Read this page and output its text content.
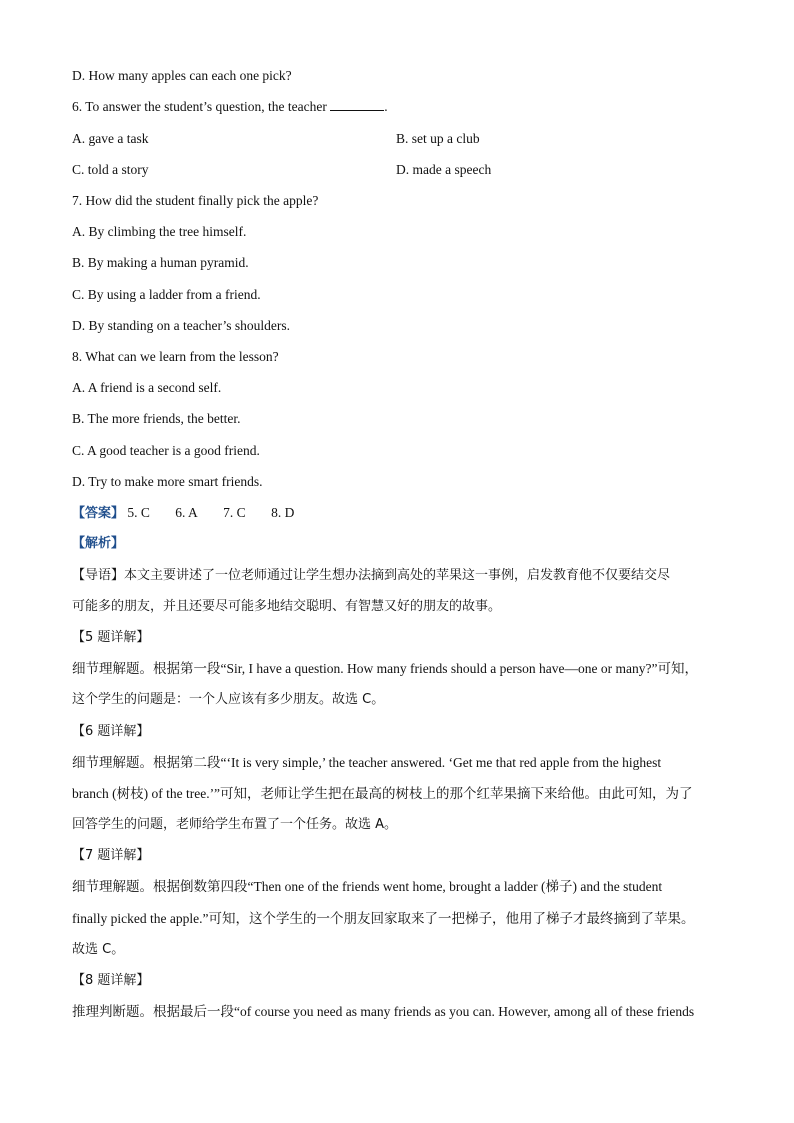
D. How many apples can each one pick?
6. To answer the student’s question, the teacher	.
A. gave a task	B. set up a club
C. told a story	D. made a speech
7. How did the student finally pick the apple?
A. By climbing the tree himself.
B. By making a human pyramid.
C. By using a ladder from a friend.
D. By standing on a teacher’s shoulders.
8. What can we learn from the lesson?
A. A friend is a second self.
B. The more friends, the better.
C. A good teacher is a good friend.
D. Try to make more smart friends.
【答案】 5. C 6. A 7. C 8. D
【解析】
【导语】本文主要讲述了一位老师通过让学生想办法摘到高处的苹果这一事例，启发教育他不仅要结交尽
可能多的朋友，并且还要尽可能多地结交聪明、有智慧又好的朋友的故事。
【5 题详解】
细节理解题。根据第一段“Sir, I have a question. How many friends should a person have—one or many?”可知，
这个学生的问题是：一个人应该有多少朋友。故选 C。
【6 题详解】
细节理解题。根据第二段“‘It is very simple,’ the teacher answered. ‘Get me that red apple from the highest
branch (树枝) of the tree.’”可知，老师让学生把在最高的树枝上的那个红苹果摘下来给他。由此可知，为了
回答学生的问题，老师给学生布置了一个任务。故选 A。
【7 题详解】
细节理解题。根据倒数第四段“Then one of the friends went home, brought a ladder (梯子) and the student
finally picked the apple.”可知，这个学生的一个朋友回家取来了一把梯子，他用了梯子才最终摘到了苹果。
故选 C。
【8 题详解】
推理判断题。根据最后一段“of course you need as many friends as you can. However, among all of these friends
